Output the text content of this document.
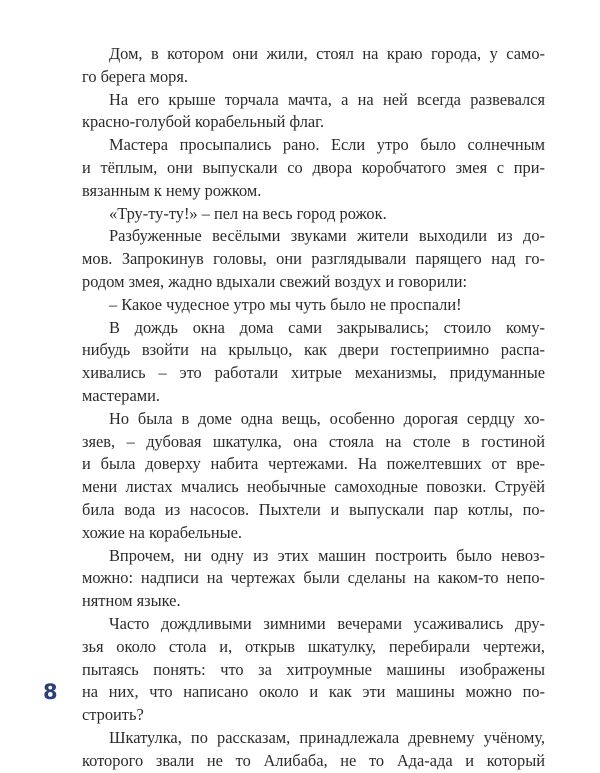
Дом, в котором они жили, стоял на краю города, у само-
го берега моря.

На его крыше торчала мачта, а на ней всегда развевался
красно-голубой корабельный флаг.

Мастера просыпались рано. Если утро было солнечным
и тёплым, они выпускали со двора коробчатого змея с при-
вязанным к нему рожком.

«Тру-ту-ту!» – пел на весь город рожок.

Разбуженные весёлыми звуками жители выходили из до-
мов. Запрокинув головы, они разглядывали парящего над го-
родом змея, жадно вдыхали свежий воздух и говорили:

– Какое чудесное утро мы чуть было не проспали!

В дождь окна дома сами закрывались; стоило кому-
нибудь взойти на крыльцо, как двери гостеприимно распа-
хивались – это работали хитрые механизмы, придуманные
мастерами.

Но была в доме одна вещь, особенно дорогая сердцу хо-
зяев, – дубовая шкатулка, она стояла на столе в гостиной
и была доверху набита чертежами. На пожелтевших от вре-
мени листах мчались необычные самоходные повозки. Струёй
била вода из насосов. Пыхтели и выпускали пар котлы, по-
хожие на корабельные.

Впрочем, ни одну из этих машин построить было невоз-
можно: надписи на чертежах были сделаны на каком-то непо-
нятном языке.

Часто дождливыми зимними вечерами усаживались дру-
зья около стола и, открыв шкатулку, перебирали чертежи,
пытаясь понять: что за хитроумные машины изображены
на них, что написано около и как эти машины можно по-
строить?

Шкатулка, по рассказам, принадлежала древнему учёному,
которого звали не то Алибаба, не то Ада-ада и который

8
